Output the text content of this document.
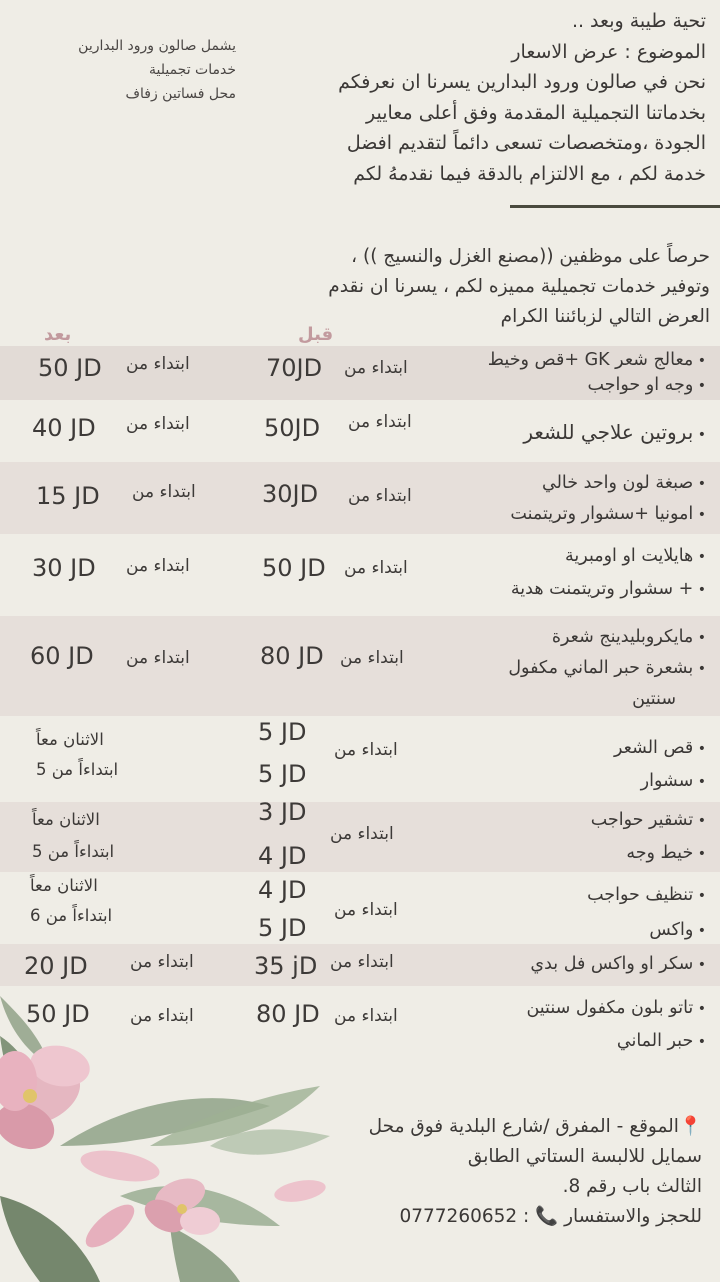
يشمل صالون ورود البدارين
خدمات تجميلية
محل فساتين زفاف
تحية طيبة وبعد ..
الموضوع : عرض الاسعار
نحن في صالون ورود البدارين يسرنا ان نعرفكم
بخدماتنا التجميلية المقدمة وفق أعلى معايير
الجودة ،ومتخصصات تسعى دائماً لتقديم افضل
خدمة لكم ، مع الالتزام بالدقة فيما نقدمهُ لكم
حرصاً على موظفين ((مصنع الغزل والنسيج )) ،
وتوفير خدمات تجميلية مميزه لكم ، يسرنا ان نقدم
العرض التالي لزبائننا الكرام
بعد	قبل
• معالج شعر GK +قص وخيط
• وجه او حواجب
ابتداء من
70JD
ابتداء من
50 JD
• بروتين علاجي للشعر
ابتداء من
50JD
ابتداء من
40 JD
• صبغة لون واحد خالي
• امونيا +سشوار وتريتمنت
ابتداء من
30JD
ابتداء من
15 JD
• هايلايت او اومبرية
• + سشوار وتريتمنت هدية
ابتداء من
50 JD
ابتداء من
30 JD
• مايكروبليدينج شعرة
• بشعرة حبر الماني مكفول
سنتين
ابتداء من
80 JD
ابتداء من
60 JD
• قص الشعر
• سشوار
ابتداء من
5 JD
5 JD
الاثنان معاً
ابتداءاً من 5
• تشقير حواجب
• خيط وجه
ابتداء من
3 JD
4 JD
الاثنان معاً
ابتداءاً من 5
• تنظيف حواجب
• واكس
ابتداء من
4 JD
5 JD
الاثنان معاً
ابتداءاً من 6
• سكر او واكس فل بدي
ابتداء من
35 jD
ابتداء من
20 JD
• تاتو بلون مكفول سنتين
• حبر الماني
ابتداء من
80 JD
ابتداء من
50 JD
📍الموقع - المفرق /شارع البلدية فوق محل
سمايل للالبسة الستاتي الطابق
الثالث باب رقم 8.
للحجز والاستفسار 📞 0777260652 :
